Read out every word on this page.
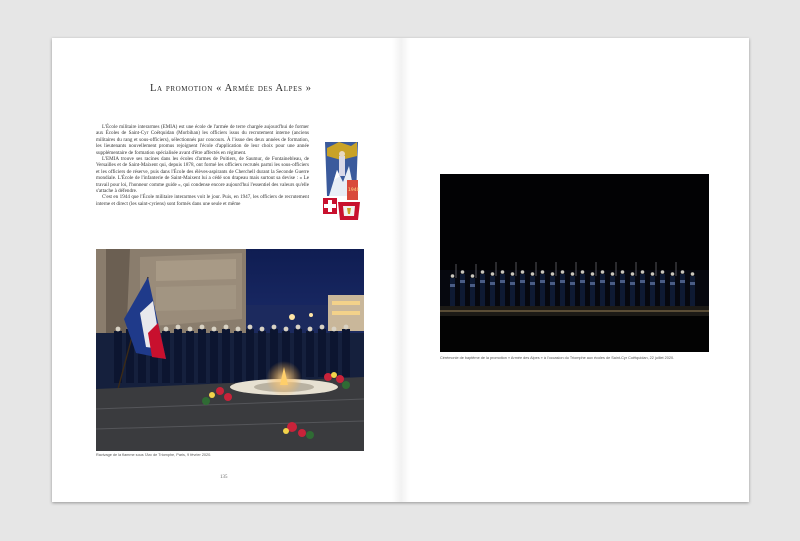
La promotion « Armée des Alpes »

L'École militaire interarmes (EMIA) est une école de l'armée de terre chargée aujourd'hui de former aux Écoles de Saint-Cyr Coëtquidan (Morbihan) les officiers issus du recrutement interne (anciens militaires du rang et sous-officiers), sélectionnés par concours. À l'issue des deux années de formation, les lieutenants nouvellement promus rejoignent l'école d'application de leur choix pour une année supplémentaire de formation spécialisée avant d'être affectés en régiment.

L'EMIA trouve ses racines dans les écoles d'armes de Poitiers, de Saumur, de Fontainebleau, de Versailles et de Saint-Maixent qui, depuis 1878, ont formé les officiers recrutés parmi les sous-officiers et les officiers de réserve, puis dans l'École des élèves-aspirants de Cherchell durant la Seconde Guerre mondiale. L'École de l'infanterie de Saint-Maixent lui a cédé son drapeau mais surtout sa devise : « Le travail pour loi, l'honneur comme guide », qui condense encore aujourd'hui l'essentiel des valeurs qu'elle s'attache à défendre.

C'est en 1944 que l'École militaire interarmes voit le jour. Puis, en 1947, les officiers de recrutement interne et direct (les saint-cyriens) sont formés dans une seule et même

1940
Ravivage de la flamme sous l'Arc de Triomphe, Paris, 9 février 2020.
135
Cérémonie de baptême de la promotion « Armée des Alpes » à l'occasion du Triomphe aux écoles de Saint-Cyr Coëtquidan, 22 juillet 2020.
